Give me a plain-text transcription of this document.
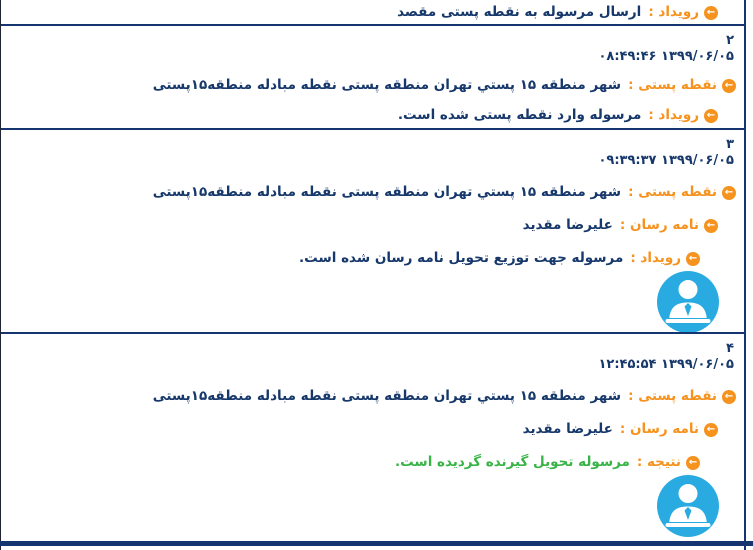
←
رویداد :
ارسال مرسوله به نقطه پستی مقصد
۲
۰۸:۴۹:۴۶ ۱۳۹۹/۰۶/۰۵
←
نقطه پستی :
شهر منطقه ۱۵ پستي تهران منطقه پستی نقطه مبادله منطقه۱۵پستی
←
رویداد :
مرسوله وارد نقطه پستی شده است.
۳
۰۹:۳۹:۳۷ ۱۳۹۹/۰۶/۰۵
←
نقطه پستی :
شهر منطقه ۱۵ پستي تهران منطقه پستی نقطه مبادله منطقه۱۵پستی
←
نامه رسان :
علیرضا مقدید
←
رویداد :
مرسوله جهت توزیع تحویل نامه رسان شده است.
۴
۱۲:۴۵:۵۴ ۱۳۹۹/۰۶/۰۵
←
نقطه پستی :
شهر منطقه ۱۵ پستي تهران منطقه پستی نقطه مبادله منطقه۱۵پستی
←
نامه رسان :
علیرضا مقدید
←
نتیجه :
مرسوله تحویل گیرنده گردیده است.
